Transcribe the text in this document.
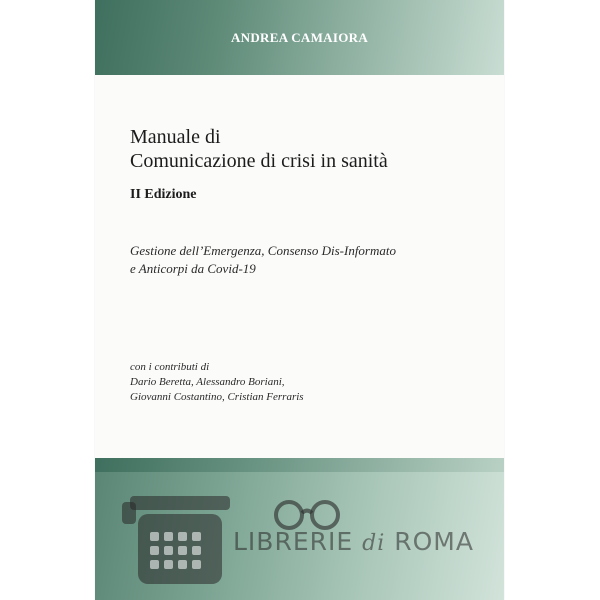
ANDREA CAMAIORA
Manuale di
Comunicazione di crisi in sanità
II Edizione
Gestione dell’Emergenza, Consenso Dis-Informato
e Anticorpi da Covid-19
con i contributi di
Dario Beretta, Alessandro Boriani,
Giovanni Costantino, Cristian Ferraris
LIBRERIE di ROMA
